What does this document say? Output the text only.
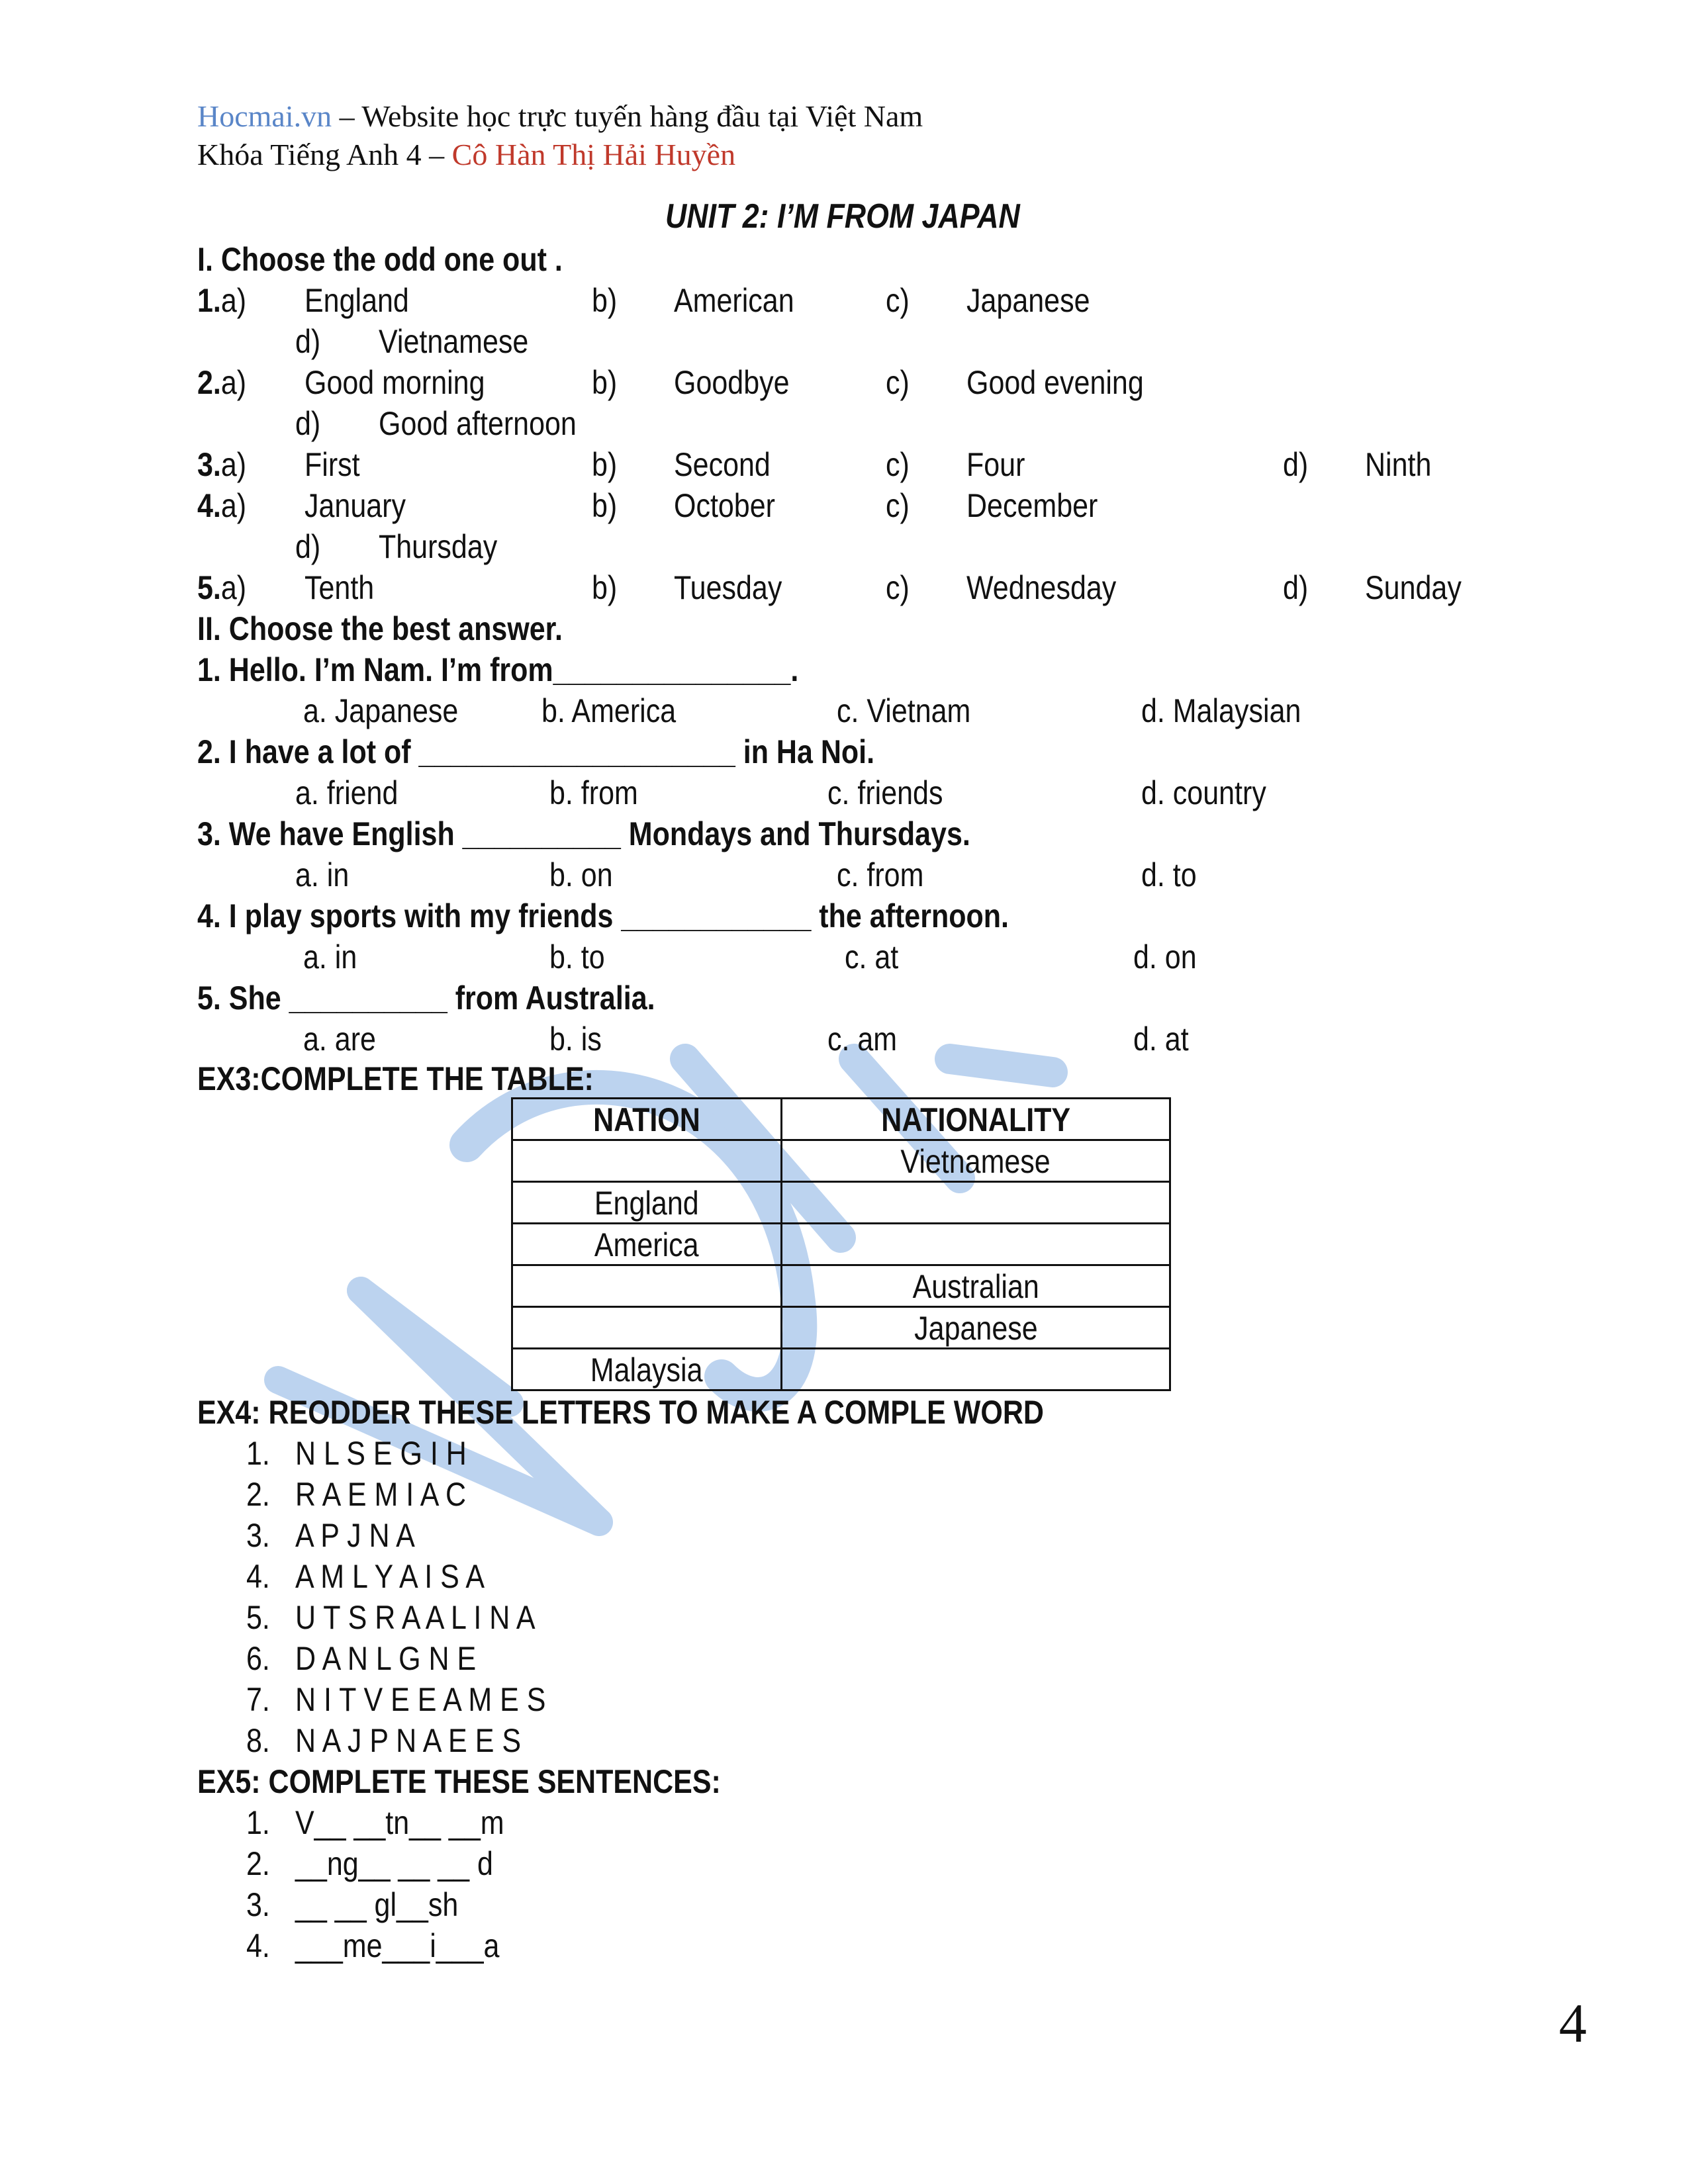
Hocmai.vn – Website học trực tuyến hàng đầu tại Việt Nam
Khóa Tiếng Anh 4 – Cô Hàn Thị Hải Huyền
UNIT 2: I’M FROM JAPAN
I. Choose the odd one out .
1.a) England	b) American	c) Japanese
d) Vietnamese
2.a) Good morning	b) Goodbye	c) Good evening
d) Good afternoon
3.a) First	b) Second	c) Four	d) Ninth
4.a) January	b) October	c) December
d) Thursday
5.a) Tenth	b) Tuesday	c) Wednesday	d) Sunday
II. Choose the best answer.
1. Hello. I’m Nam. I’m from_______________.
a. Japanese	b. America	c. Vietnam	d. Malaysian
2. I have a lot of ____________________ in Ha Noi.
a. friend	b. from	c. friends	d. country
3. We have English __________ Mondays and Thursdays.
a. in	b. on	c. from	d. to
4. I play sports with my friends ____________ the afternoon.
a. in	b. to	c. at	d. on
5. She __________ from Australia.
a. are	b. is	c. am	d. at
EX3:COMPLETE THE TABLE:
NATION	NATIONALITY
	Vietnamese
England	
America	
	Australian
	Japanese
Malaysia	
EX4: REODDER THESE LETTERS TO MAKE A COMPLE WORD
1. N L S E G I H
2. R A E M I A C
3. A P J N A
4. A M L Y A I S A
5. U T S R A A L I N A
6. D A N L G N E
7. N I T V E E A M E S
8. N A J P N A E E S
EX5: COMPLETE THESE SENTENCES:
1. V__ __tn__ __m
2. __ng__ __ __ d
3. __ __ gl__sh
4. ___me___i___a
4
